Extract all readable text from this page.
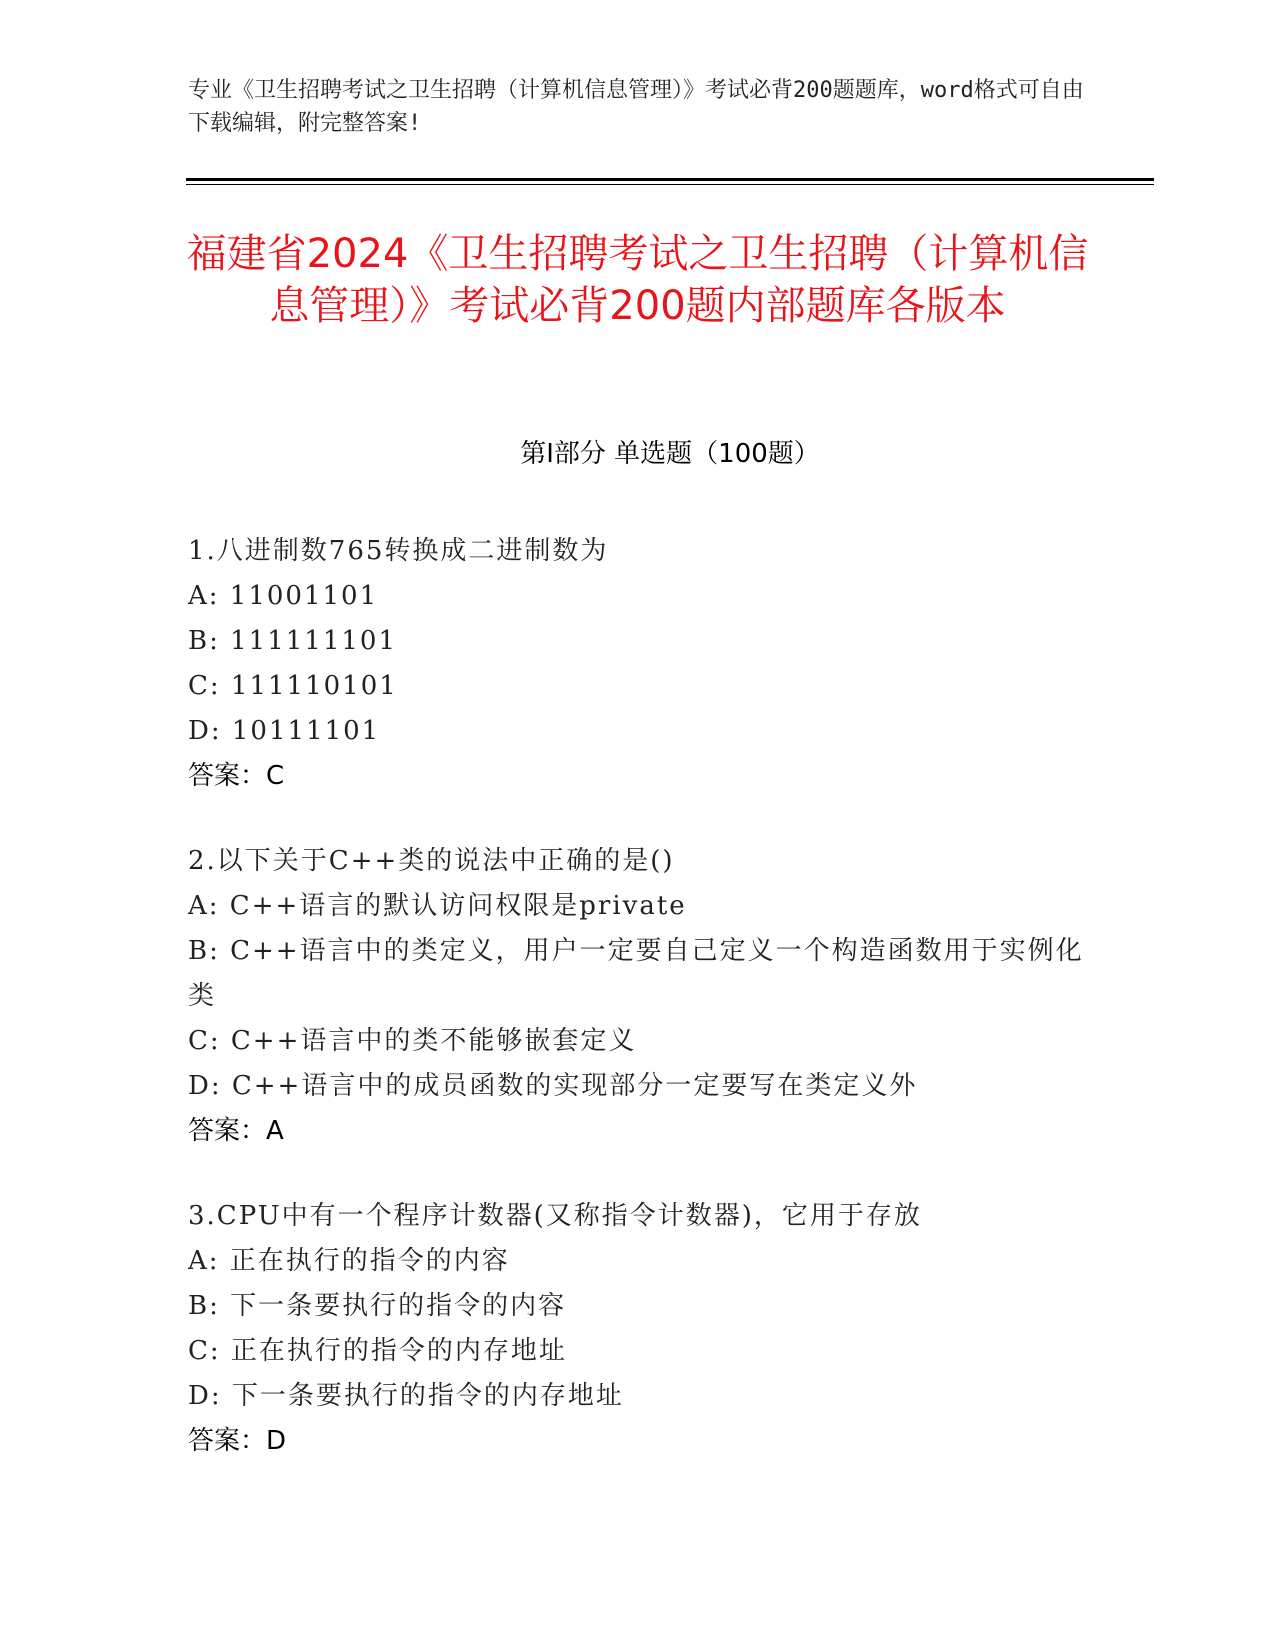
专业《卫生招聘考试之卫生招聘（计算机信息管理）》考试必背200题题库，word格式可自由下载编辑，附完整答案!

福建省2024《卫生招聘考试之卫生招聘（计算机信息管理）》考试必背200题内部题库各版本
第Ⅰ部分 单选题（100题）

1.八进制数765转换成二进制数为

A: 11001101

B: 111111101

C: 111110101

D: 10111101

答案：C

2.以下关于C++类的说法中正确的是()

A: C++语言的默认访问权限是private

B: C++语言中的类定义，用户一定要自己定义一个构造函数用于实例化类

C: C++语言中的类不能够嵌套定义

D: C++语言中的成员函数的实现部分一定要写在类定义外

答案：A

3.CPU中有一个程序计数器(又称指令计数器)，它用于存放

A: 正在执行的指令的内容

B: 下一条要执行的指令的内容

C: 正在执行的指令的内存地址

D: 下一条要执行的指令的内存地址

答案：D
